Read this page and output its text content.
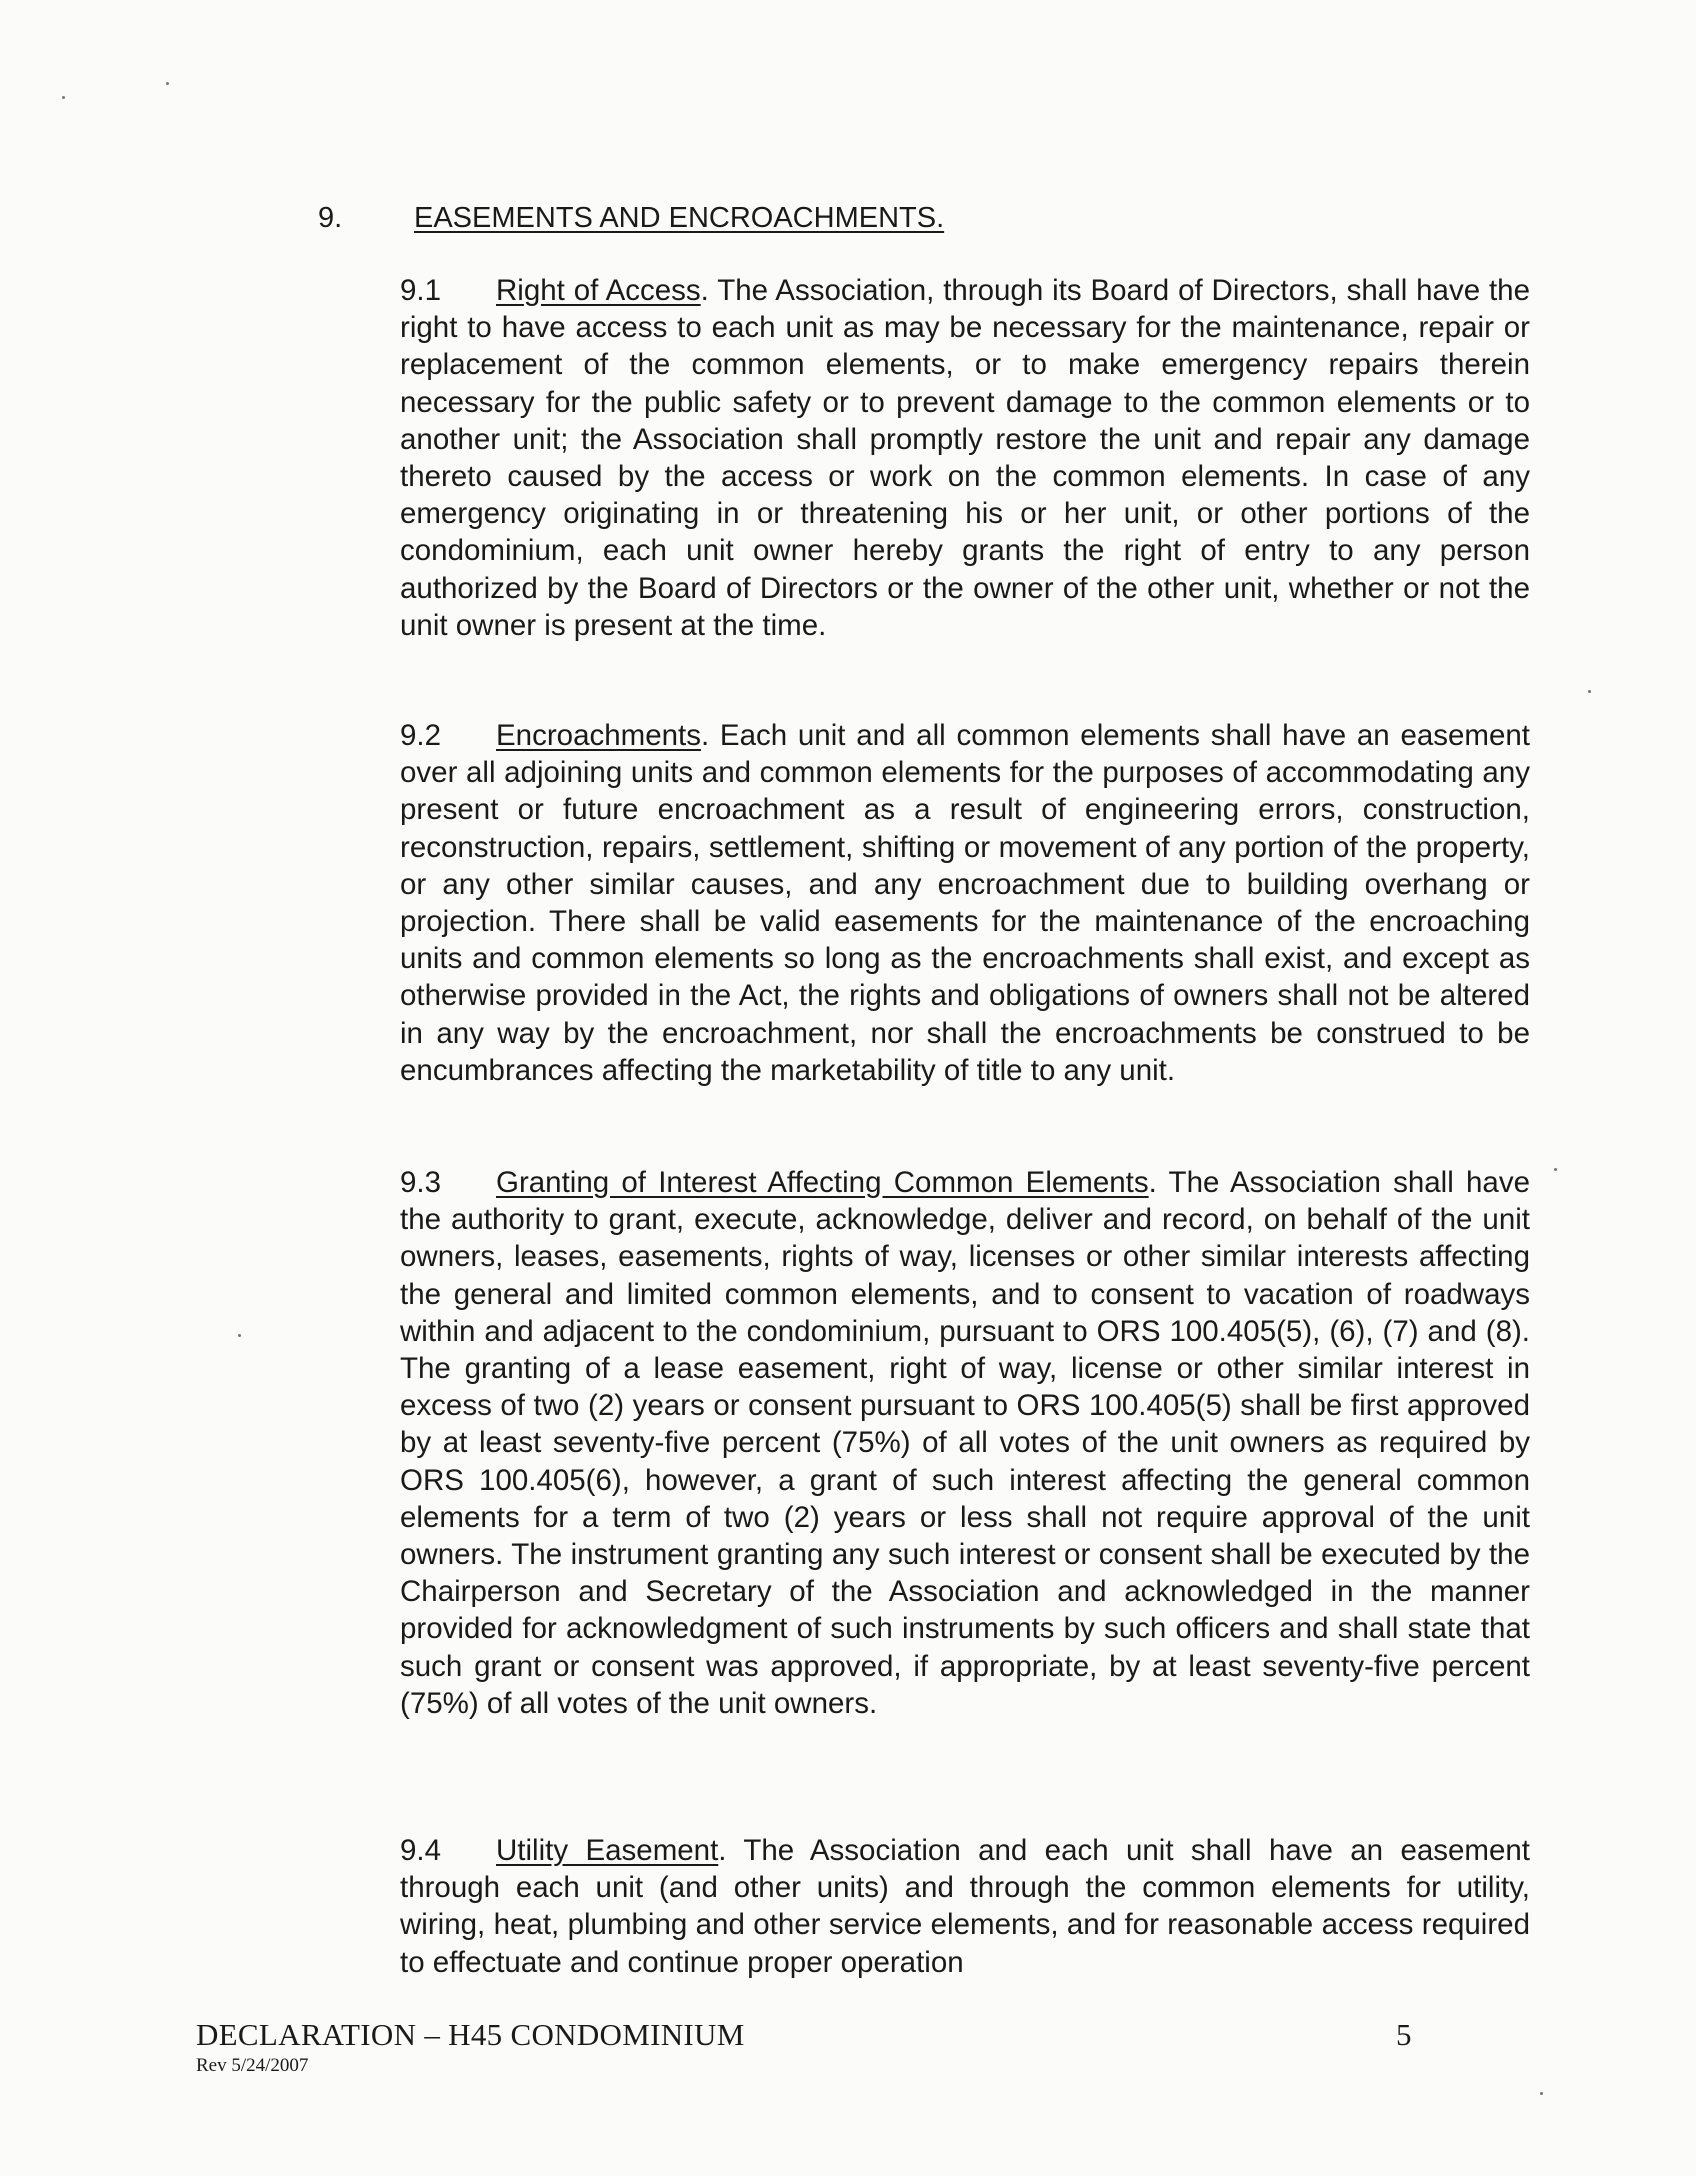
9.	EASEMENTS AND ENCROACHMENTS.

9.1 Right of Access. The Association, through its Board of Directors, shall have the right to have access to each unit as may be necessary for the maintenance, repair or replacement of the common elements, or to make emergency repairs therein necessary for the public safety or to prevent damage to the common elements or to another unit; the Association shall promptly restore the unit and repair any damage thereto caused by the access or work on the common elements. In case of any emergency originating in or threatening his or her unit, or other portions of the condominium, each unit owner hereby grants the right of entry to any person authorized by the Board of Directors or the owner of the other unit, whether or not the unit owner is present at the time.

9.2 Encroachments. Each unit and all common elements shall have an easement over all adjoining units and common elements for the purposes of accommodating any present or future encroachment as a result of engineering errors, construction, reconstruction, repairs, settlement, shifting or movement of any portion of the property, or any other similar causes, and any encroachment due to building overhang or projection. There shall be valid easements for the maintenance of the encroaching units and common elements so long as the encroachments shall exist, and except as otherwise provided in the Act, the rights and obligations of owners shall not be altered in any way by the encroachment, nor shall the encroachments be construed to be encumbrances affecting the marketability of title to any unit.

9.3 Granting of Interest Affecting Common Elements. The Association shall have the authority to grant, execute, acknowledge, deliver and record, on behalf of the unit owners, leases, easements, rights of way, licenses or other similar interests affecting the general and limited common elements, and to consent to vacation of roadways within and adjacent to the condominium, pursuant to ORS 100.405(5), (6), (7) and (8). The granting of a lease easement, right of way, license or other similar interest in excess of two (2) years or consent pursuant to ORS 100.405(5) shall be first approved by at least seventy-five percent (75%) of all votes of the unit owners as required by ORS 100.405(6), however, a grant of such interest affecting the general common elements for a term of two (2) years or less shall not require approval of the unit owners. The instrument granting any such interest or consent shall be executed by the Chairperson and Secretary of the Association and acknowledged in the manner provided for acknowledgment of such instruments by such officers and shall state that such grant or consent was approved, if appropriate, by at least seventy-five percent (75%) of all votes of the unit owners.

9.4 Utility Easement. The Association and each unit shall have an easement through each unit (and other units) and through the common elements for utility, wiring, heat, plumbing and other service elements, and for reasonable access required to effectuate and continue proper operation

DECLARATION – H45 CONDOMINIUM
Rev 5/24/2007
5
